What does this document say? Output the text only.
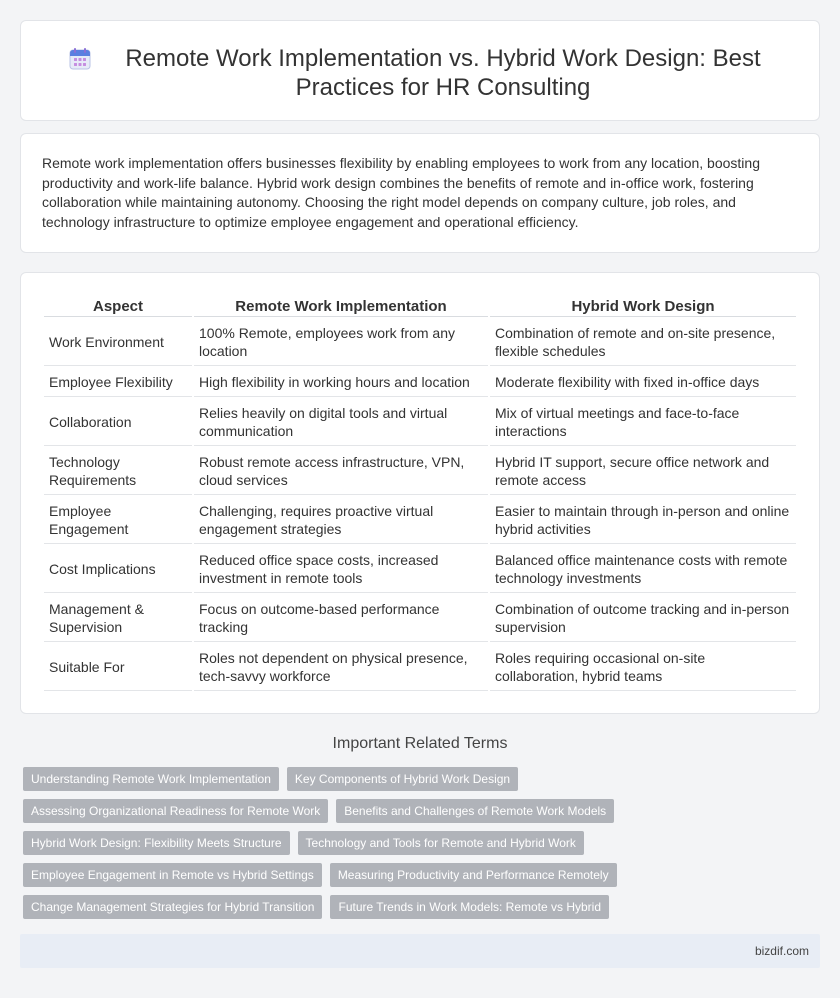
Remote Work Implementation vs. Hybrid Work Design: Best Practices for HR Consulting

Remote work implementation offers businesses flexibility by enabling employees to work from any location, boosting productivity and work-life balance. Hybrid work design combines the benefits of remote and in-office work, fostering collaboration while maintaining autonomy. Choosing the right model depends on company culture, job roles, and technology infrastructure to optimize employee engagement and operational efficiency.

Aspect	Remote Work Implementation	Hybrid Work Design
Work Environment	100% Remote, employees work from any location	Combination of remote and on-site presence, flexible schedules
Employee Flexibility	High flexibility in working hours and location	Moderate flexibility with fixed in-office days
Collaboration	Relies heavily on digital tools and virtual communication	Mix of virtual meetings and face-to-face interactions
Technology Requirements	Robust remote access infrastructure, VPN, cloud services	Hybrid IT support, secure office network and remote access
Employee Engagement	Challenging, requires proactive virtual engagement strategies	Easier to maintain through in-person and online hybrid activities
Cost Implications	Reduced office space costs, increased investment in remote tools	Balanced office maintenance costs with remote technology investments
Management & Supervision	Focus on outcome-based performance tracking	Combination of outcome tracking and in-person supervision
Suitable For	Roles not dependent on physical presence, tech-savvy workforce	Roles requiring occasional on-site collaboration, hybrid teams
Important Related Terms
Understanding Remote Work Implementation	Key Components of Hybrid Work Design
Assessing Organizational Readiness for Remote Work	Benefits and Challenges of Remote Work Models
Hybrid Work Design: Flexibility Meets Structure	Technology and Tools for Remote and Hybrid Work
Employee Engagement in Remote vs Hybrid Settings	Measuring Productivity and Performance Remotely
Change Management Strategies for Hybrid Transition	Future Trends in Work Models: Remote vs Hybrid
bizdif.com
